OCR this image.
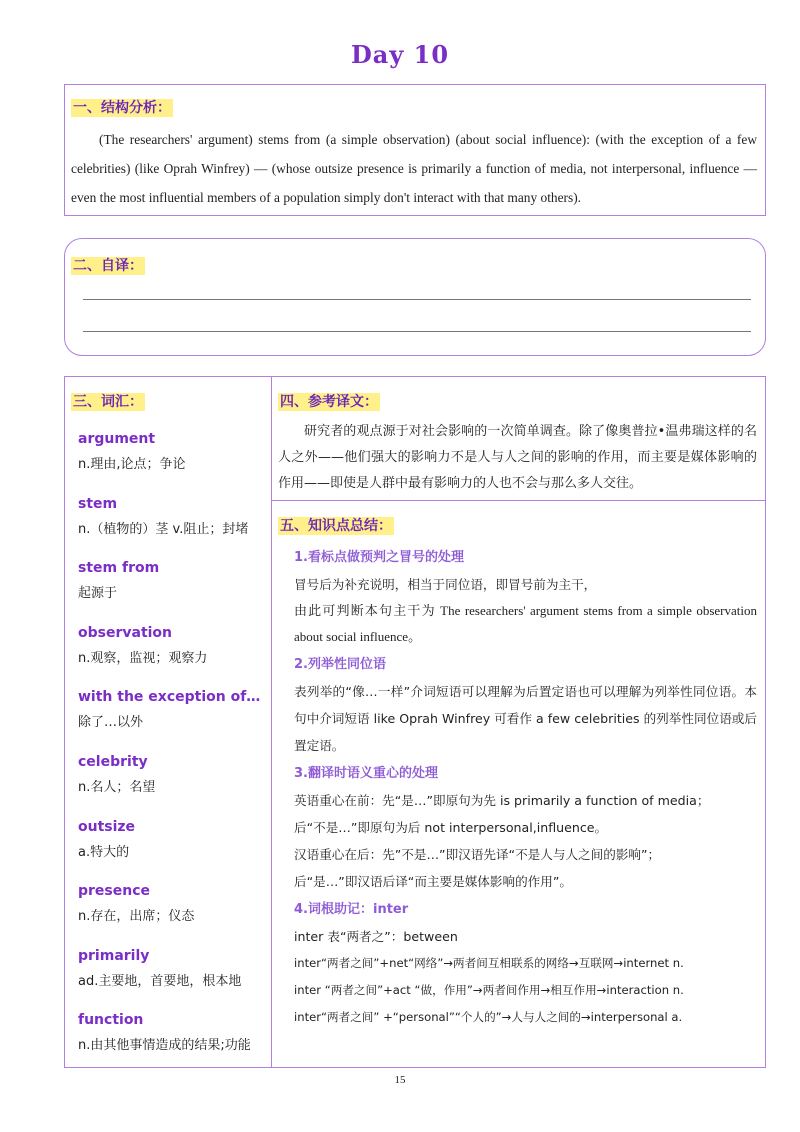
Day 10
一、结构分析：
(The researchers' argument) stems from (a simple observation) (about social influence): (with the exception of a few celebrities) (like Oprah Winfrey) — (whose outsize presence is primarily a function of media, not interpersonal, influence — even the most influential members of a population simply don't interact with that many others).
二、自译：
三、词汇：
argument
n.理由,论点；争论
stem
n.（植物的）茎 v.阻止；封堵
stem from
起源于
observation
n.观察，监视；观察力
with the exception of…
除了…以外
celebrity
n.名人；名望
outsize
a.特大的
presence
n.存在，出席；仪态
primarily
ad.主要地，首要地，根本地
function
n.由其他事情造成的结果;功能
四、参考译文：
研究者的观点源于对社会影响的一次简单调查。除了像奥普拉•温弗瑞这样的名人之外——他们强大的影响力不是人与人之间的影响的作用，而主要是媒体影响的作用——即使是人群中最有影响力的人也不会与那么多人交往。
五、知识点总结：
1.看标点做预判之冒号的处理
冒号后为补充说明，相当于同位语，即冒号前为主干，
由此可判断本句主干为 The researchers' argument stems from a simple observation about social influence。
2.列举性同位语
表列举的“像…一样”介词短语可以理解为后置定语也可以理解为列举性同位语。本句中介词短语 like Oprah Winfrey 可看作 a few celebrities 的列举性同位语或后置定语。
3.翻译时语义重心的处理
英语重心在前：先“是…”即原句为先 is primarily a function of media；
后“不是…”即原句为后 not interpersonal,influence。
汉语重心在后：先”不是…”即汉语先译“不是人与人之间的影响”；
后“是…”即汉语后译“而主要是媒体影响的作用”。
4.词根助记：inter
inter 表“两者之”：between
inter“两者之间”+net“网络”→两者间互相联系的网络→互联网→internet n.
inter “两者之间”+act “做，作用”→两者间作用→相互作用→interaction n.
inter“两者之间” +“personal”“个人的”→人与人之间的→interpersonal a.
15
